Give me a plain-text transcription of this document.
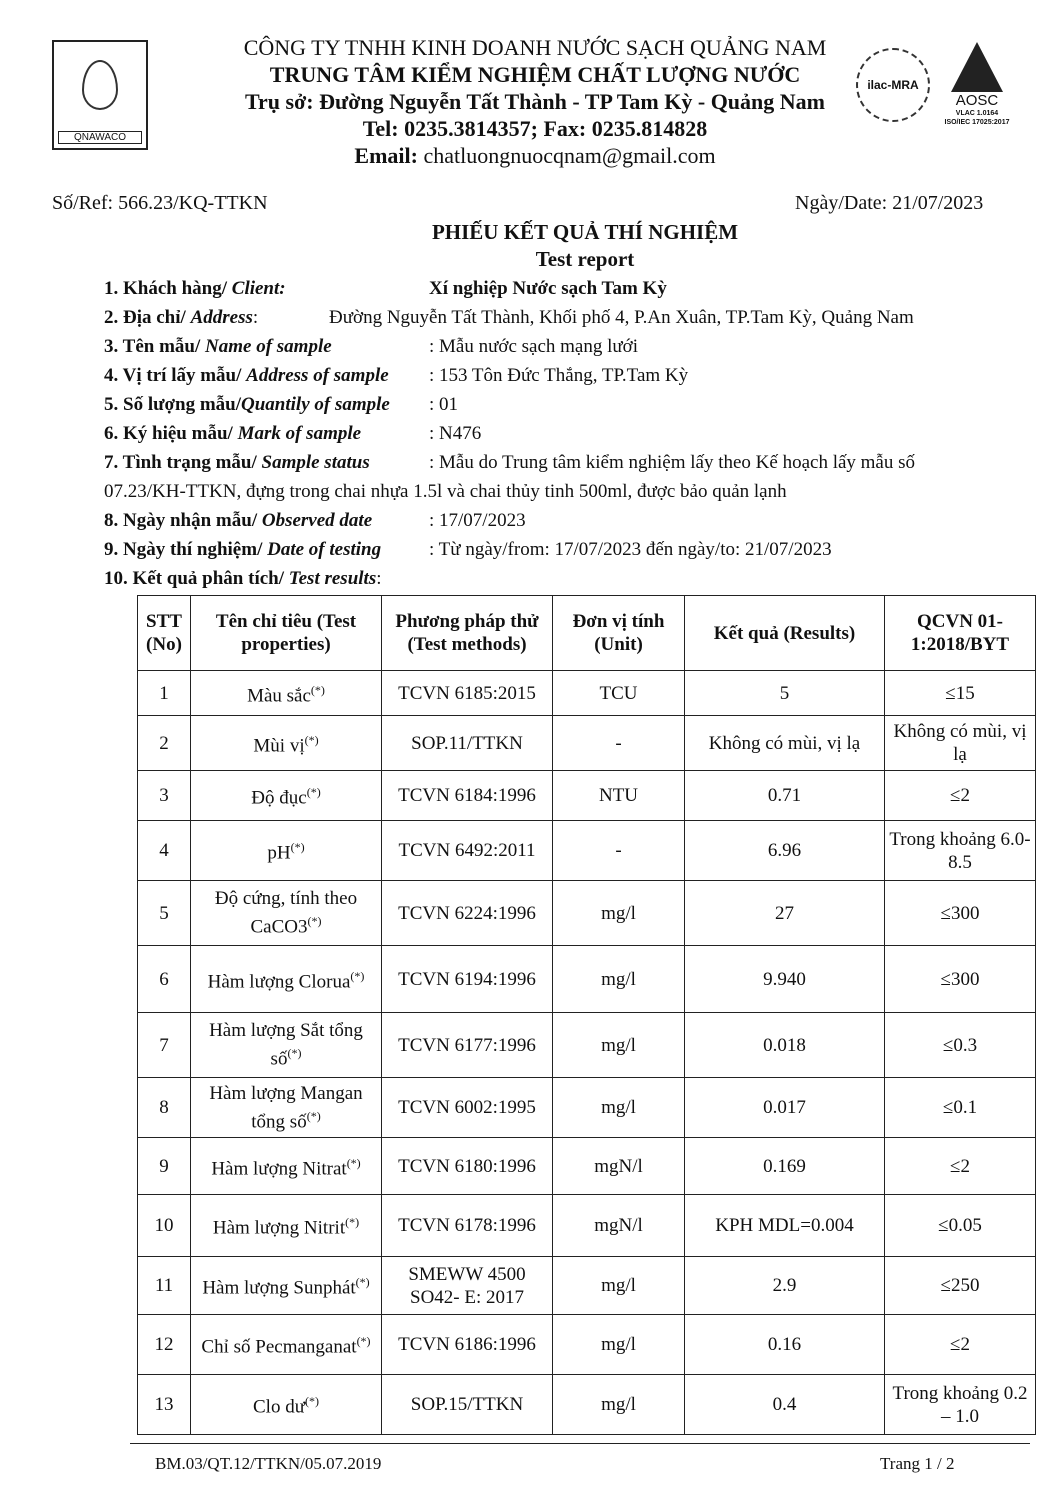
QNAWACO
CÔNG TY TNHH KINH DOANH NƯỚC SẠCH QUẢNG NAM
TRUNG TÂM KIỂM NGHIỆM CHẤT LƯỢNG NƯỚC
Trụ sở: Đường Nguyễn Tất Thành - TP Tam Kỳ - Quảng Nam
Tel: 0235.3814357; Fax: 0235.814828
Email: chatluongnuocqnam@gmail.com
ilac-MRA
AOSC
VLAC 1.0164
ISO/IEC 17025:2017
Số/Ref: 566.23/KQ-TTKN	Ngày/Date: 21/07/2023
PHIẾU KẾT QUẢ THÍ NGHIỆM
Test report
1. Khách hàng/ Client:	Xí nghiệp Nước sạch Tam Kỳ
2. Địa chỉ/ Address:	Đường Nguyễn Tất Thành, Khối phố 4, P.An Xuân, TP.Tam Kỳ, Quảng Nam
3. Tên mẫu/ Name of sample	: Mẫu nước sạch mạng lưới
4. Vị trí lấy mẫu/ Address of sample : 153 Tôn Đức Thắng, TP.Tam Kỳ
5. Số lượng mẫu/Quantily of sample : 01
6. Ký hiệu mẫu/ Mark of sample	: N476
7. Tình trạng mẫu/ Sample status	: Mẫu do Trung tâm kiểm nghiệm lấy theo Kế hoạch lấy mẫu số
07.23/KH-TTKN, đựng trong chai nhựa 1.5l và chai thủy tinh 500ml, được bảo quản lạnh
8. Ngày nhận mẫu/ Observed date	: 17/07/2023
9. Ngày thí nghiệm/ Date of testing	: Từ ngày/from: 17/07/2023 đến ngày/to: 21/07/2023
10. Kết quả phân tích/ Test results:
STT (No)	Tên chỉ tiêu (Test properties)	Phương pháp thử (Test methods)	Đơn vị tính (Unit)	Kết quả (Results)	QCVN 01-1:2018/BYT
1	Màu sắc(*)	TCVN 6185:2015	TCU	5	≤15
2	Mùi vị(*)	SOP.11/TTKN	-	Không có mùi, vị lạ	Không có mùi, vị lạ
3	Độ đục(*)	TCVN 6184:1996	NTU	0.71	≤2
4	pH(*)	TCVN 6492:2011	-	6.96	Trong khoảng 6.0-8.5
5	Độ cứng, tính theo CaCO3(*)	TCVN 6224:1996	mg/l	27	≤300
6	Hàm lượng Clorua(*)	TCVN 6194:1996	mg/l	9.940	≤300
7	Hàm lượng Sắt tổng số(*)	TCVN 6177:1996	mg/l	0.018	≤0.3
8	Hàm lượng Mangan tổng số(*)	TCVN 6002:1995	mg/l	0.017	≤0.1
9	Hàm lượng Nitrat(*)	TCVN 6180:1996	mgN/l	0.169	≤2
10	Hàm lượng Nitrit(*)	TCVN 6178:1996	mgN/l	KPH MDL=0.004	≤0.05
11	Hàm lượng Sunphát(*)	SMEWW 4500 SO42- E: 2017	mg/l	2.9	≤250
12	Chỉ số Pecmanganat(*)	TCVN 6186:1996	mg/l	0.16	≤2
13	Clo dư(*)	SOP.15/TTKN	mg/l	0.4	Trong khoảng 0.2 – 1.0
BM.03/QT.12/TTKN/05.07.2019	Trang 1 / 2
